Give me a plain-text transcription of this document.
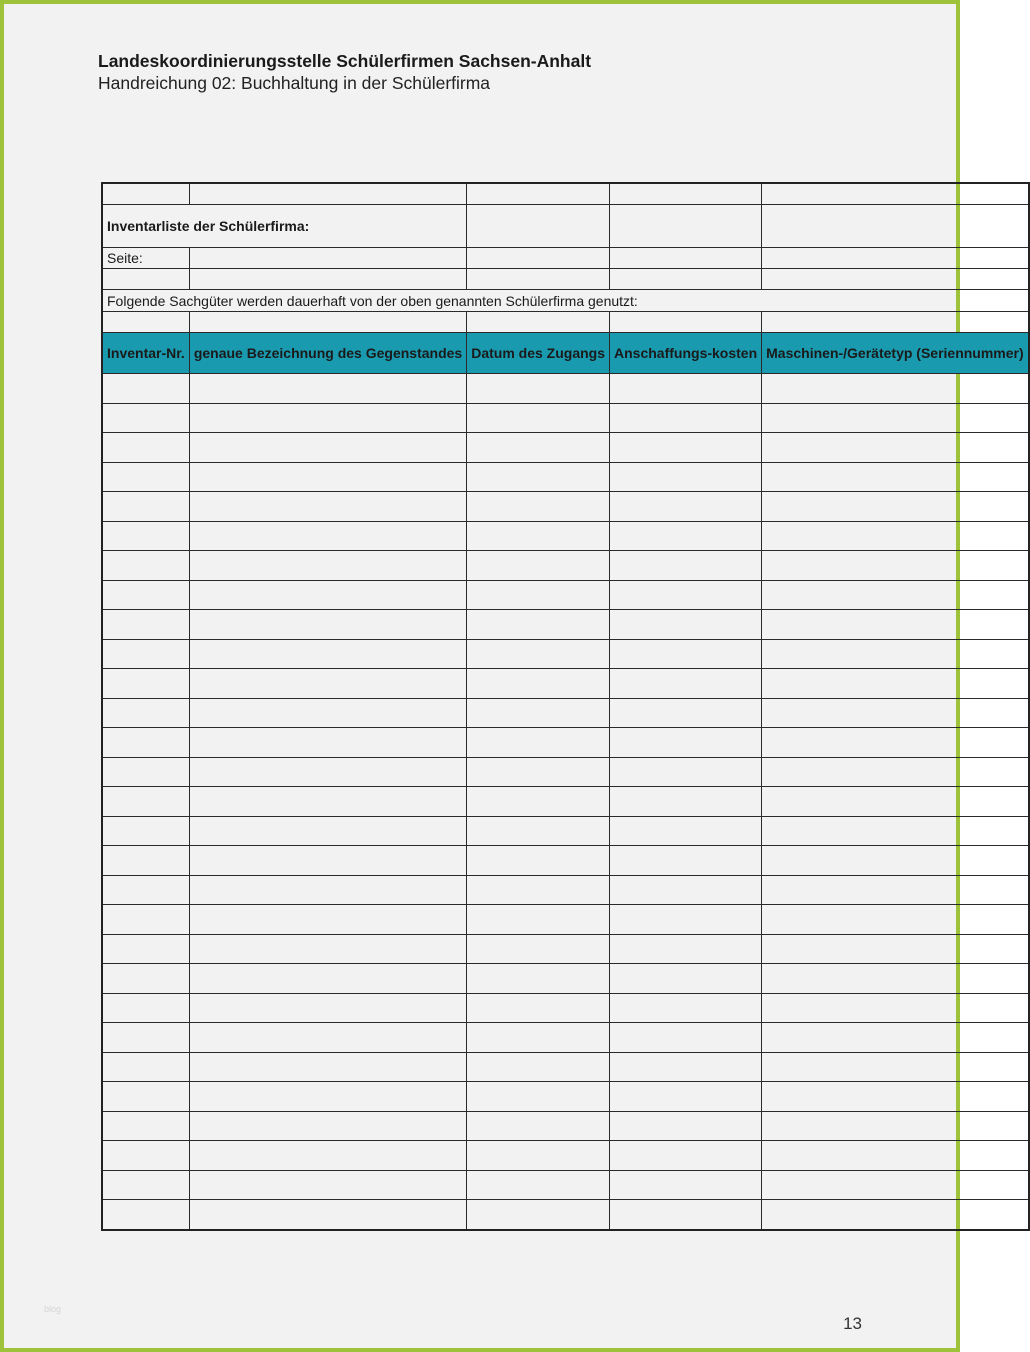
Landeskoordinierungsstelle Schülerfirmen Sachsen-Anhalt
Handreichung 02: Buchhaltung in der Schülerfirma

Inventarliste der Schülerfirma:				
Seite:				

Folgende Sachgüter werden dauerhaft von der oben genannten Schülerfirma genutzt:				

Inventar-Nr.	genaue Bezeichnung des Gegenstandes	Datum des Zugangs	Anschaffungs-kosten	Maschinen-/Gerätetyp (Seriennummer)

blog
13
